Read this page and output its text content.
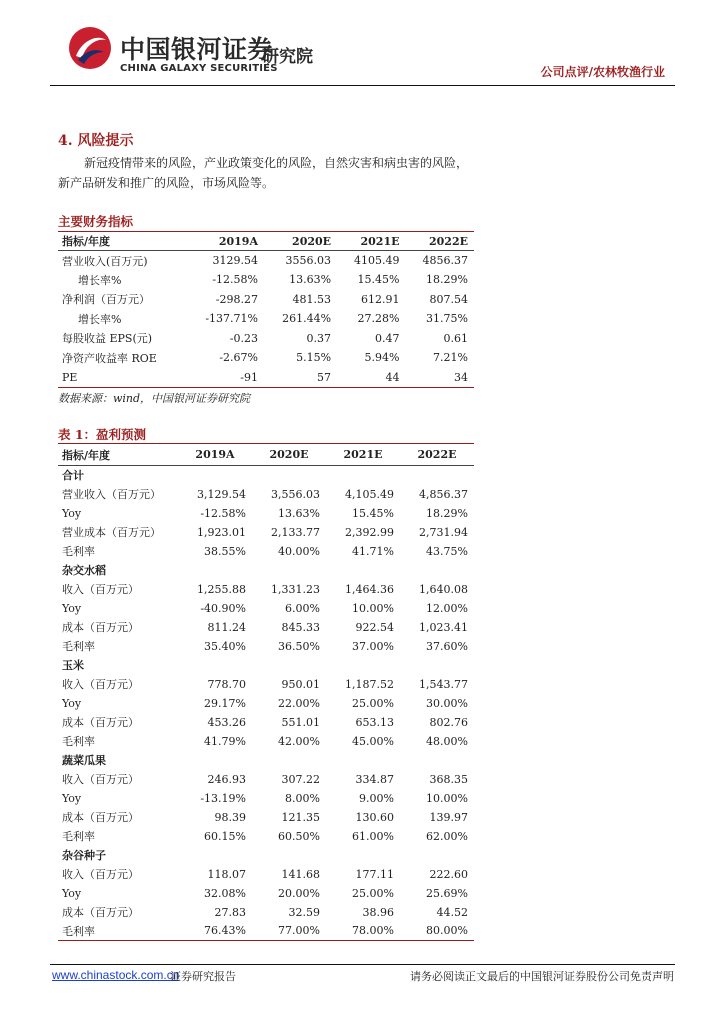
中国银河证券
CHINA GALAXY SECURITIES
研究院
公司点评/农林牧渔行业
4. 风险提示

新冠疫情带来的风险，产业政策变化的风险，自然灾害和病虫害的风险，新产品研发和推广的风险，市场风险等。

主要财务指标
指标/年度	2019A	2020E	2021E	2022E
营业收入(百万元)	3129.54	3556.03	4105.49	4856.37
增长率%	-12.58%	13.63%	15.45%	18.29%
净利润（百万元）	-298.27	481.53	612.91	807.54
增长率%	-137.71%	261.44%	27.28%	31.75%
每股收益 EPS(元)	-0.23	0.37	0.47	0.61
净资产收益率 ROE	-2.67%	5.15%	5.94%	7.21%
PE	-91	57	44	34
数据来源：wind，中国银河证券研究院
表 1：盈利预测
指标/年度	2019A	2020E	2021E	2022E
合计				
营业收入（百万元）	3,129.54	3,556.03	4,105.49	4,856.37
Yoy	-12.58%	13.63%	15.45%	18.29%
营业成本（百万元）	1,923.01	2,133.77	2,392.99	2,731.94
毛利率	38.55%	40.00%	41.71%	43.75%
杂交水稻				
收入（百万元）	1,255.88	1,331.23	1,464.36	1,640.08
Yoy	-40.90%	6.00%	10.00%	12.00%
成本（百万元）	811.24	845.33	922.54	1,023.41
毛利率	35.40%	36.50%	37.00%	37.60%
玉米				
收入（百万元）	778.70	950.01	1,187.52	1,543.77
Yoy	29.17%	22.00%	25.00%	30.00%
成本（百万元）	453.26	551.01	653.13	802.76
毛利率	41.79%	42.00%	45.00%	48.00%
蔬菜瓜果				
收入（百万元）	246.93	307.22	334.87	368.35
Yoy	-13.19%	8.00%	9.00%	10.00%
成本（百万元）	98.39	121.35	130.60	139.97
毛利率	60.15%	60.50%	61.00%	62.00%
杂谷种子				
收入（百万元）	118.07	141.68	177.11	222.60
Yoy	32.08%	20.00%	25.00%	25.69%
成本（百万元）	27.83	32.59	38.96	44.52
毛利率	76.43%	77.00%	78.00%	80.00%
www.chinastock.com.cn
证券研究报告	请务必阅读正文最后的中国银河证券股份公司免责声明
